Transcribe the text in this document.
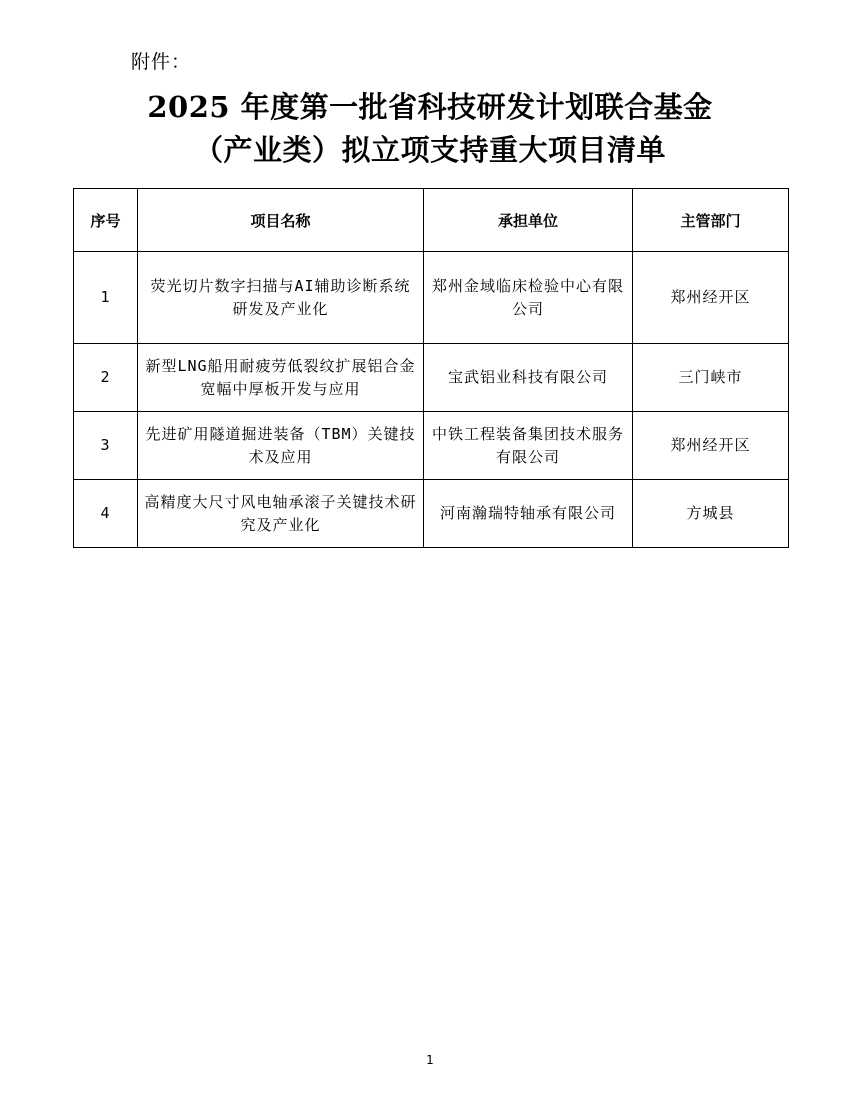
附件：
2025 年度第一批省科技研发计划联合基金
（产业类）拟立项支持重大项目清单
序号	项目名称	承担单位	主管部门
1	荧光切片数字扫描与AI辅助诊断系统研发及产业化	郑州金域临床检验中心有限公司	郑州经开区
2	新型LNG船用耐疲劳低裂纹扩展铝合金宽幅中厚板开发与应用	宝武铝业科技有限公司	三门峡市
3	先进矿用隧道掘进装备（TBM）关键技术及应用	中铁工程装备集团技术服务有限公司	郑州经开区
4	高精度大尺寸风电轴承滚子关键技术研究及产业化	河南瀚瑞特轴承有限公司	方城县
1
